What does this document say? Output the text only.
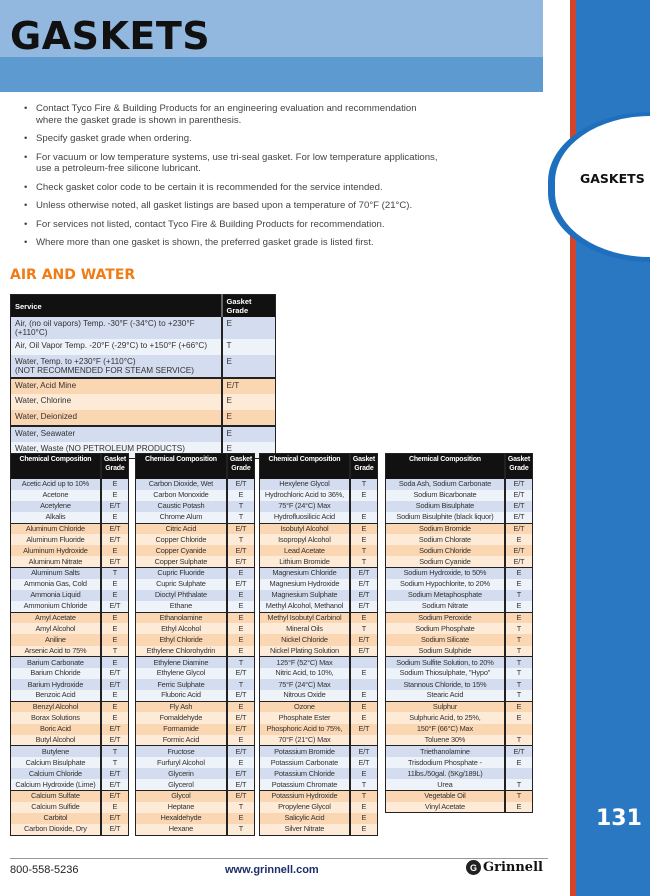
GASKETS
GASKETS
131
• Contact Tyco Fire & Building Products for an engineering evaluation and recommendation where the gasket grade is shown in parenthesis.
• Specify gasket grade when ordering.
• For vacuum or low temperature systems, use tri-seal gasket. For low temperature applications, use a petroleum-free silicone lubricant.
• Check gasket color code to be certain it is recommended for the service intended.
• Unless otherwise noted, all gasket listings are based upon a temperature of 70°F (21°C).
• For services not listed, contact Tyco Fire & Building Products for recommendation.
• Where more than one gasket is shown, the preferred gasket grade is listed first.
AIR AND WATER
Service	Gasket Grade
Air, (no oil vapors) Temp. -30°F (-34°C) to +230°F (+110°C)	E
Air, Oil Vapor Temp. -20°F (-29°C) to +150°F (+66°C)	T
Water, Temp. to +230°F (+110°C)
(NOT RECOMMENDED FOR STEAM SERVICE)	E
Water, Acid Mine	E/T
Water, Chlorine	E
Water, Deionized	E
Water, Seawater	E
Water, Waste (NO PETROLEUM PRODUCTS)	E
Chemical Composition	Gasket Grade
Acetic Acid up to 10%	E
Acetone	E
Acetylene	E/T
Alkalis	E
Aluminum Chloride	E/T
Aluminum Fluoride	E/T
Aluminum Hydroxide	E
Aluminum Nitrate	E/T
Aluminum Salts	T
Ammonia Gas, Cold	E
Ammonia Liquid	E
Ammonium Chloride	E/T
Amyl Acetate	E
Amyl Alcohol	E
Aniline	E
Arsenic Acid to 75%	T
Barium Carbonate	E
Barium Chloride	E/T
Barium Hydroxide	E/T
Benzoic Acid	E
Benzyl Alcohol	E
Borax Solutions	E
Boric Acid	E/T
Butyl Alcohol	E/T
Butylene	T
Calcium Bisulphate	T
Calcium Chloride	E/T
Calcium Hydroxide (Lime)	E/T
Calcium Sulfate	E/T
Calcium Sulfide	E
Carbitol	E/T
Carbon Dioxide, Dry	E/T
Chemical Composition	Gasket Grade
Carbon Dioxide, Wet	E/T
Carbon Monoxide	E
Caustic Potash	T
Chrome Alum	T
Citric Acid	E/T
Copper Chloride	T
Copper Cyanide	E/T
Copper Sulphate	E/T
Cupric Fluoride	E
Cupric Sulphate	E/T
Dioctyl Phthalate	E
Ethane	E
Ethanolamine	E
Ethyl Alcohol	E
Ethyl Chloride	E
Ethylene Chlorohydrin	E
Ethylene Diamine	T
Ethylene Glycol	E/T
Ferric Sulphate	T
Fluboric Acid	E/T
Fly Ash	E
Fomaldehyde	E/T
Formamide	E/T
Formic Acid	E
Fructose	E/T
Furfuryl Alcohol	E
Glycerin	E/T
Glycerol	E/T
Glycol	E/T
Heptane	T
Hexaldehyde	E
Hexane	T
Chemical Composition	Gasket Grade
Hexylene Glycol	T
Hydrochloric Acid to 36%,	E
75°F (24°C) Max	
Hydrofluosilicic Acid	E
Isobutyl Alcohol	E
Isopropyl Alcohol	E
Lead Acetate	T
Lithium Bromide	T
Magnesium Chloride	E/T
Magnesium Hydroxide	E/T
Magnesium Sulphate	E/T
Methyl Alcohol, Methanol	E/T
Methyl Isobutyl Carbinol	E
Mineral Oils	T
Nickel Chloride	E/T
Nickel Plating Solution	E/T
125°F (52°C) Max	
Nitric Acid, to 10%,	E
75°F (24°C) Max	
Nitrous Oxide	E
Ozone	E
Phosphate Ester	E
Phosphoric Acid to 75%,	E/T
70°F (21°C) Max	
Potassium Bromide	E/T
Potassium Carbonate	E/T
Potassium Chloride	E
Potassium Chromate	T
Potassium Hydroxide	T
Propylene Glycol	E
Salicylic Acid	E
Silver Nitrate	E
Chemical Composition	Gasket Grade
Soda Ash, Sodium Carbonate	E/T
Sodium Bicarbonate	E/T
Sodium Bisulphate	E/T
Sodium Bisulphite (black liquor)	E/T
Sodium Bromide	E/T
Sodium Chlorate	E
Sodium Chloride	E/T
Sodium Cyanide	E/T
Sodium Hydroxide, to 50%	E
Sodium Hypochlorite, to 20%	E
Sodium Metaphosphate	T
Sodium Nitrate	E
Sodium Peroxide	E
Sodium Phosphate	T
Sodium Silicate	T
Sodium Sulphide	T
Sodium Sulfite Solution, to 20%	T
Sodium Thiosulphate, "Hypo"	T
Stannous Chloride, to 15%	T
Stearic Acid	T
Sulphur	E
Sulphuric Acid, to 25%,	E
150°F (66°C) Max	
Toluene 30%	T
Triethanolamine	E/T
Trisdodium Phosphate -	E
11lbs./50gal. (5Kg/189L)	
Urea	T
Vegetable Oil	T
Vinyl Acetate	E
800-558-5236	www.grinnell.com	G Grinnell
